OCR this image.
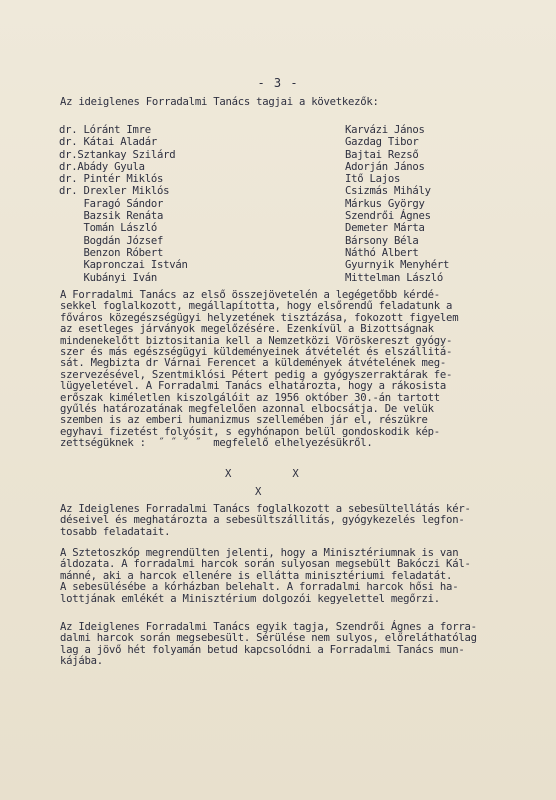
- 3 -
Az ideiglenes Forradalmi Tanács tagjai a következők:
dr. Lóránt Imre
dr. Kátai Aladár
dr.Sztankay Szilárd
dr.Abády Gyula
dr. Pintér Miklós
dr. Drexler Miklós
Faragó Sándor
Bazsik Renáta
Tomán László
Bogdán József
Benzon Róbert
Kapronczai István
Kubányi Iván
Karvázi János
Gazdag Tibor
Bajtai Rezső
Adorján János
Itő Lajos
Csizmás Mihály
Márkus György
Szendrői Ágnes
Demeter Márta
Bársony Béla
Náthó Albert
Gyurnyik Menyhért
Mittelman László
A Forradalmi Tanács az első összejövetelén a legégetőbb kérdé-
sekkel foglalkozott, megállapította, hogy elsőrendű feladatunk a
főváros közegészségügyi helyzetének tisztázása, fokozott figyelem
az esetleges járványok megelőzésére. Ezenkívül a Bizottságnak
mindenekelőtt biztositania kell a Nemzetközi Vöröskereszt gyógy-
szer és más egészségügyi küldeményeinek átvételét és elszállitá-
sát. Megbizta dr Várnai Ferencet a küldemények átvételének meg-
szervezésével, Szentmiklósi Pétert pedig a gyógyszerraktárak fe-
lügyeletével. A Forradalmi Tanács elhatározta, hogy a rákosista
erőszak kiméletlen kiszolgálóit az 1956 október 30.-án tartott
gyűlés határozatának megfelelően azonnal elbocsátja. De velük
szemben is az emberi humanizmus szellemében jár el, részükre
egyhavi fizetést folyósit, s egyhónapon belül gondoskodik kép-
zettségüknek :  ˝ ˝ ˝ ˝  megfelelő elhelyezésükről.
X          X
X
Az Ideiglenes Forradalmi Tanács foglalkozott a sebesültellátás kér-
déseivel és meghatározta a sebesültszállitás, gyógykezelés legfon-
tosabb feladatait.
A Sztetoszkóp megrendülten jelenti, hogy a Minisztériumnak is van
áldozata. A forradalmi harcok során sulyosan megsebült Bakóczi Kál-
mánné, aki a harcok ellenére is ellátta minisztériumi feladatát.
A sebesülésébe a kórházban belehalt. A forradalmi harcok hősi ha-
lottjának emlékét a Minisztérium dolgozói kegyelettel megőrzi.
Az Ideiglenes Forradalmi Tanács egyik tagja, Szendrői Ágnes a forra-
dalmi harcok során megsebesült. Sérülése nem sulyos, előreláthatólag
lag a jövő hét folyamán betud kapcsolódni a Forradalmi Tanács mun-
kájába.
